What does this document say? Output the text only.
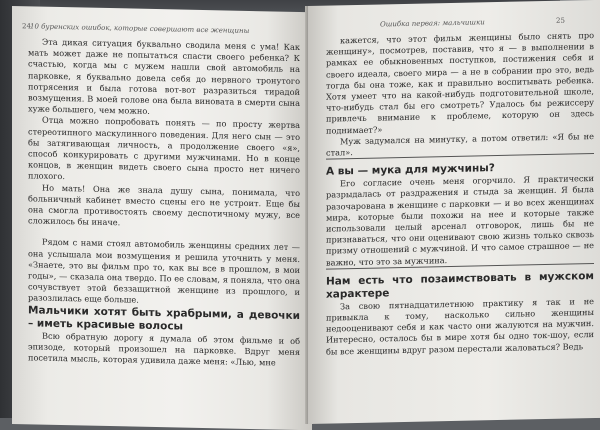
24 10 буренских ошибок, которые совершают все женщины

Эта дикая ситуация буквально сводила меня с ума! Как мать может даже не попытаться спасти своего ребенка? К счастью, когда мы с мужем нашли свой автомобиль на парковке, я буквально довела себя до нервного тронутого потрясения и была готова вот-вот разразиться тирадой возмущения. В моей голове она была виновата в смерти сына хуже большего, чем можно.

Отца можно попробовать понять — по просту жертва стереотипного маскулинного поведения. Для него сын — это бы затягивающая личность, а продолжение своего «я», способ конкурировать с другими мужчинами. Но в конце концов, в женщин видеть своего сына просто нет ничего плохого.

Но мать! Она же знала душу сына, понимала, что больничный кабинет вместо сцены его не устроит. Еще бы она смогла противостоять своему деспотичному мужу, все сложилось бы иначе.

Рядом с нами стоял автомобиль женщины средних лет — она услышала мои возмущения и решила уточнить у меня. «Знаете, это вы фильм про то, как вы все в прошлом, в мои годы», — сказала она твердо. По ее словам, я поняла, что она сочувствует этой беззащитной женщине из прошлого, и разозлилась еще больше.

Мальчики хотят быть храбрыми, а девочки – иметь красивые волосы

Всю обратную дорогу я думала об этом фильме и об эпизоде, который произошел на парковке. Вдруг меня посетила мысль, которая удивила даже меня: «Лью, мне

Ошибка первая: мальчишки	25

кажется, что этот фильм женщины было снять про женщину», посмотрев, поставив, что я — в выполнении в рамках ее обыкновенных поступков, постижения себя и своего идеала, своего мира — а не в собрании про это, ведь тогда бы она тоже, как и правильно воспитывать ребенка. Хотя умеет что на какой-нибудь подготовительной школе, что-нибудь стал бы его смотреть? Удалось бы режиссеру привлечь внимание к проблеме, которую он здесь поднимает?»

Муж задумался на минутку, а потом ответил: «Я бы не стал».

А вы — мука для мужчины?

Его согласие очень меня огорчило. Я практически разрыдалась от раздражения и стыда за женщин. Я была разочарована в женщине с парковки — и во всех женщинах мира, которые были похожи на нее и которые также использовали целый арсенал отговорок, лишь бы не признаваться, что они оценивают свою жизнь только сквозь призму отношений с мужчиной. И что самое страшное — не важно, что это за мужчина.

Нам есть что позаимствовать в мужском характере

За свою пятнадцатилетнюю практику я так и не привыкла к тому, насколько сильно женщины недооценивают себя и как часто они жалуются на мужчин. Интересно, осталось бы в мире хотя бы одно ток-шоу, если бы все женщины вдруг разом перестали жаловаться? Ведь
